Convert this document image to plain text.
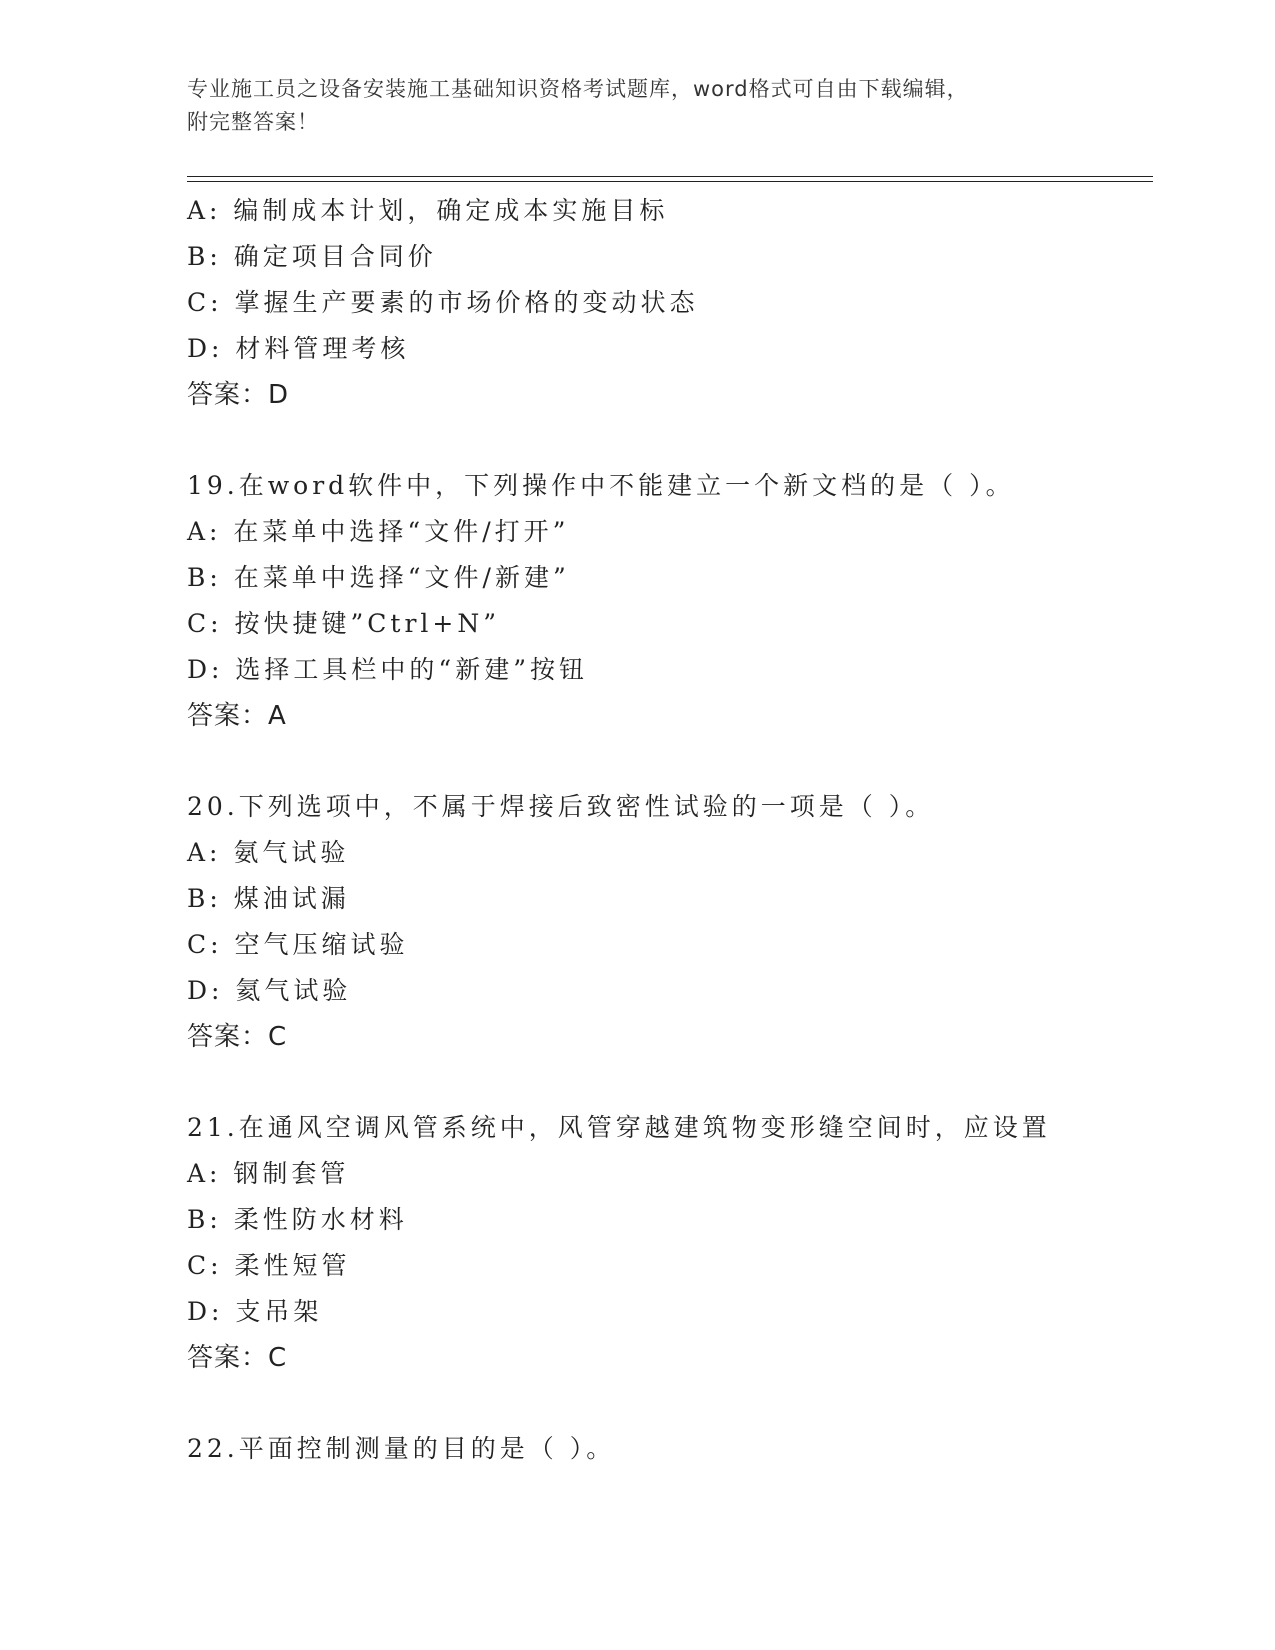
专业施工员之设备安装施工基础知识资格考试题库，word格式可自由下载编辑，
附完整答案！
A: 编制成本计划，确定成本实施目标
B: 确定项目合同价
C: 掌握生产要素的市场价格的变动状态
D: 材料管理考核
答案：D
19.在word软件中，下列操作中不能建立一个新文档的是（ ）。
A: 在菜单中选择“文件/打开”
B: 在菜单中选择“文件/新建”
C: 按快捷键”Ctrl+N”
D: 选择工具栏中的“新建”按钮
答案：A
20.下列选项中，不属于焊接后致密性试验的一项是（ ）。
A: 氨气试验
B: 煤油试漏
C: 空气压缩试验
D: 氦气试验
答案：C
21.在通风空调风管系统中，风管穿越建筑物变形缝空间时，应设置
A: 钢制套管
B: 柔性防水材料
C: 柔性短管
D: 支吊架
答案：C
22.平面控制测量的目的是（ ）。
